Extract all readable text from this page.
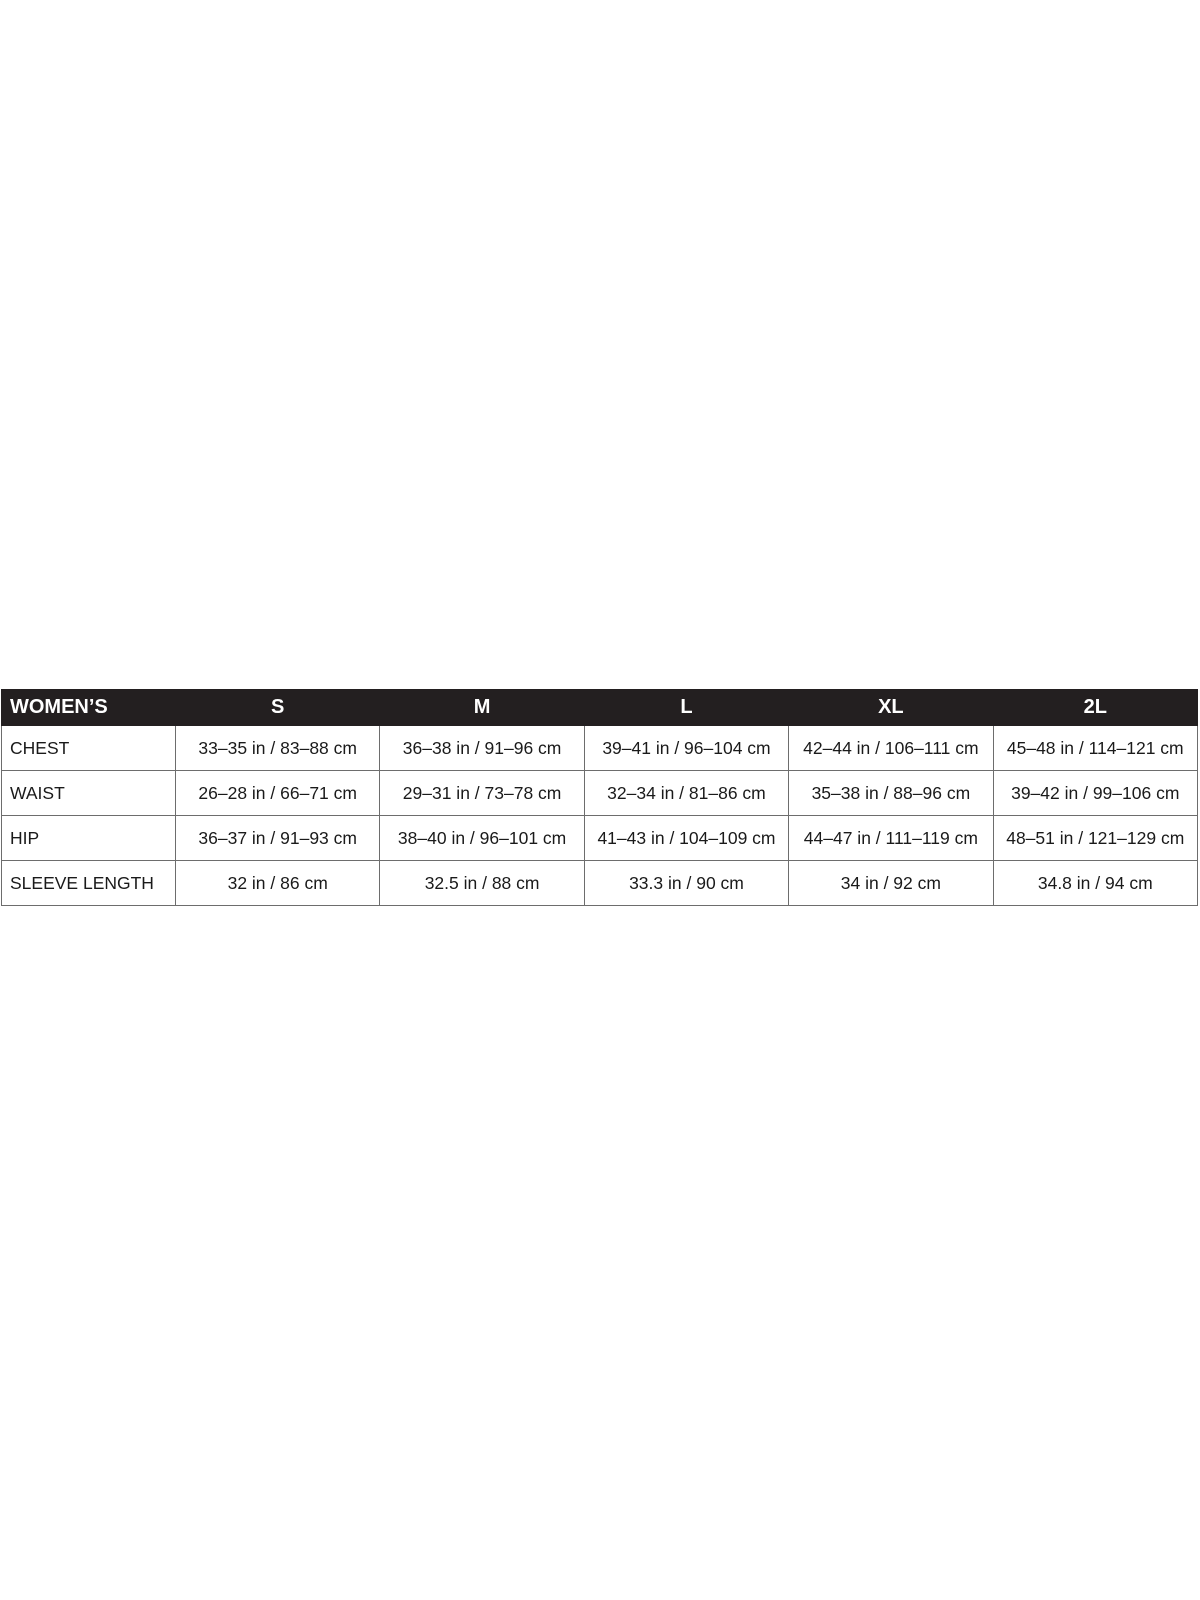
WOMEN’S	S	M	L	XL	2L
CHEST	33–35 in / 83–88 cm	36–38 in / 91–96 cm	39–41 in / 96–104 cm	42–44 in / 106–111 cm	45–48 in / 114–121 cm
WAIST	26–28 in / 66–71 cm	29–31 in / 73–78 cm	32–34 in / 81–86 cm	35–38 in / 88–96 cm	39–42 in / 99–106 cm
HIP	36–37 in / 91–93 cm	38–40 in / 96–101 cm	41–43 in / 104–109 cm	44–47 in / 111–119 cm	48–51 in / 121–129 cm
SLEEVE LENGTH	32 in / 86 cm	32.5 in / 88 cm	33.3 in / 90 cm	34 in / 92 cm	34.8 in / 94 cm
